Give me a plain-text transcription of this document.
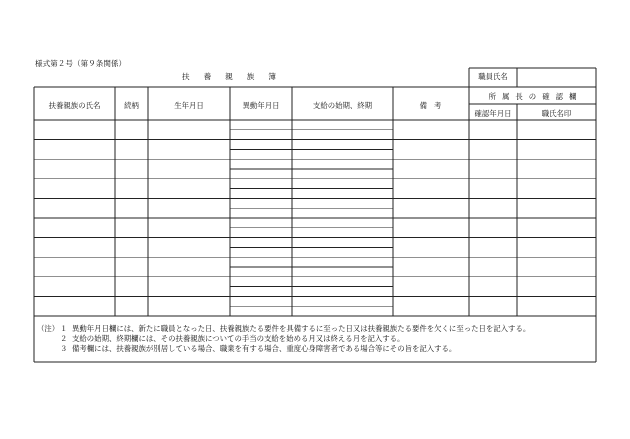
様式第２号（第９条関係）
扶養親族簿	職員氏名
扶養親族の氏名	続柄	生年月日	異動年月日	支給の始期、終期	備考
所属長の確認欄
確認年月日	職氏名印
（注） １ 異動年月日欄には、新たに職員となった日、扶養親族たる要件を具備するに至った日又は扶養親族たる要件を欠くに至った日を記入する。
２ 支給の始期、終期欄には、その扶養親族についての手当の支給を始める月又は終える月を記入する。
３ 備考欄には、扶養親族が別居している場合、職業を有する場合、重度心身障害者である場合等にその旨を記入する。
